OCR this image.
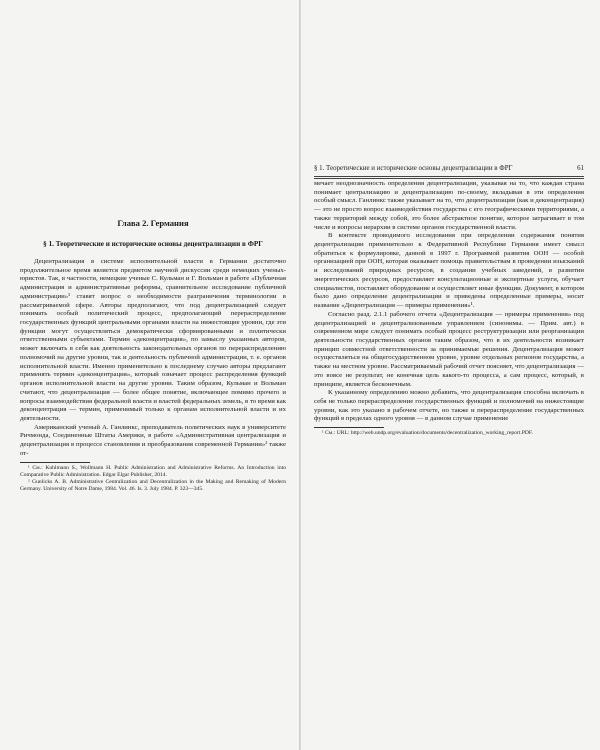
Глава 2. Германия
§ 1. Теоретические и исторические основы децентрализации в ФРГ

Децентрализация в системе исполнительной власти в Германии достаточно продолжительное время является предметом научной дискуссии среди немецких ученых-юристов. Так, в частности, немецкие ученые С. Кульман и Г. Вольман в работе «Публичная администрация и административные реформы, сравнительное исследование публичной администрации»¹ ставят вопрос о необходимости разграничения терминологии в рассматриваемой сфере. Авторы предполагают, что под децентрализацией следует понимать особый политический процесс, предполагающий перераспределение государственных функций центральными органами власти на нижестоящие уровни, где эти функции могут осуществляться демократически сформированными и политически ответственными субъектами. Термин «деконцентрация», по замыслу указанных авторов, может включать в себя как деятельность законодательных органов по перераспределению полномочий на другие уровни, так и деятельность публичной администрации, т. е. органов исполнительной власти. Именно применительно к последнему случаю авторы предлагают применять термин «деконцентрация», который означает процесс распределения функций органов исполнительной власти на другие уровни. Таким образом, Кульман и Вольман считают, что децентрализация — более общее понятие, включающее помимо прочего и вопросы взаимодействия федеральной власти и властей федеральных земель, в то время как деконцентрация — термин, применимый только к органам исполнительной власти и их деятельности.

Американский ученый А. Ганлинкс, преподаватель политических наук в университете Ричмонда, Соединенные Штаты Америки, в работе «Административная централизация и децентрализация в процессе становления и преобразования современной Германии»² также от-

¹ См.: Kuhlmann S., Wollmann H. Public Administration and Administrative Reforms. An Introduction into Comparative Public Administration. Edgar Elgar Publisher, 2014.

² Gunlicks A. B. Administrative Centralization and Decentralization in the Making and Remaking of Modern Germany. University of Notre Dame, 1984. Vol. 46. Is. 3. July 1984. P. 323—345.

§ 1. Теоретические и исторические основы децентрализации в ФРГ	61

мечает неоднозначность определения децентрализации, указывая на то, что каждая страна понимает централизацию и децентрализацию по-своему, вкладывая в эти определения особый смысл. Ганлинкс также указывает на то, что децентрализация (как и деконцентрация) — это не просто вопрос взаимодействия государства с его географическими территориями, а также территорий между собой, это более абстрактное понятие, которое затрагивает в том числе и вопросы иерархии в системе органов государственной власти.

В контексте проводимого исследования при определении содержания понятия децентрализации применительно к Федеративной Республике Германия имеет смысл обратиться к формулировке, данной в 1997 г. Программой развития ООН — особой организацией при ООН, которая оказывает помощь правительствам в проведении изысканий и исследований природных ресурсов, в создании учебных заведений, в развитии энергетических ресурсов, предоставляет консультационные и экспертные услуги, обучает специалистов, поставляет оборудование и осуществляет иные функции. Документ, в котором было дано определение децентрализации и приведены определенные примеры, носит название «Децентрализация — примеры применения»¹.

Согласно разд. 2.1.1 рабочего отчета «Децентрализация — примеры применения» под децентрализацией и децентрализованным управлением (синонимы. — Прим. авт.) в современном мире следует понимать особый процесс реструктуризации или реорганизации деятельности государственных органов таким образом, что в их деятельности возникает принцип совместной ответственности за принимаемые решения. Децентрализация может осуществляться на общегосударственном уровне, уровне отдельных регионов государства, а также на местном уровне. Рассматриваемый рабочий отчет поясняет, что децентрализация — это вовсе не результат, не конечная цель какого-то процесса, а сам процесс, который, в принципе, является бесконечным.

К указанному определению можно добавить, что децентрализация способна включать в себя не только перераспределение государственных функций и полномочий на нижестоящие уровни, как это указано в рабочем отчете, но также и перераспределение государственных функций в пределах одного уровня — в данном случае применение

¹ См.: URL: http://web.undp.org/evaluation/documents/decentralization_working_report.PDF.
